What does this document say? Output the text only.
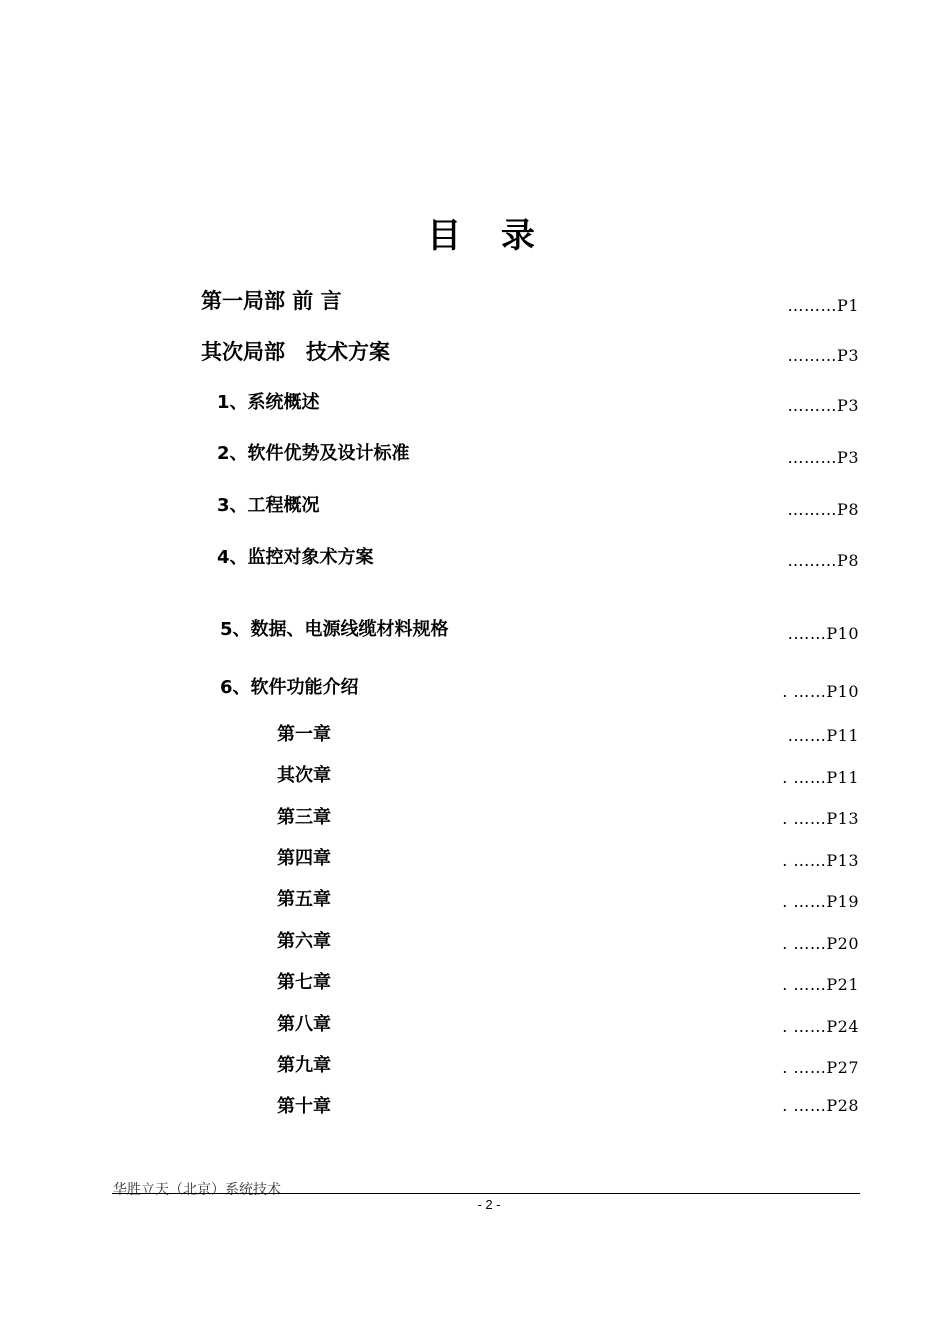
目 录
第一局部 前 言	………P1
其次局部　技术方案	………P3
1、系统概述	………P3
2、软件优势及设计标准	………P3
3、工程概况	………P8
4、监控对象术方案	………P8
5、数据、电源线缆材料规格	.……P10
6、软件功能介绍	. ……P10
第一章	.……P11
其次章	. ……P11
第三章	. ……P13
第四章	. ……P13
第五章	. ……P19
第六章	. ……P20
第七章	. ……P21
第八章	. ……P24
第九章	. ……P27
第十章	. ……P28
华胜立天（北京）系统技术
- 2 -
